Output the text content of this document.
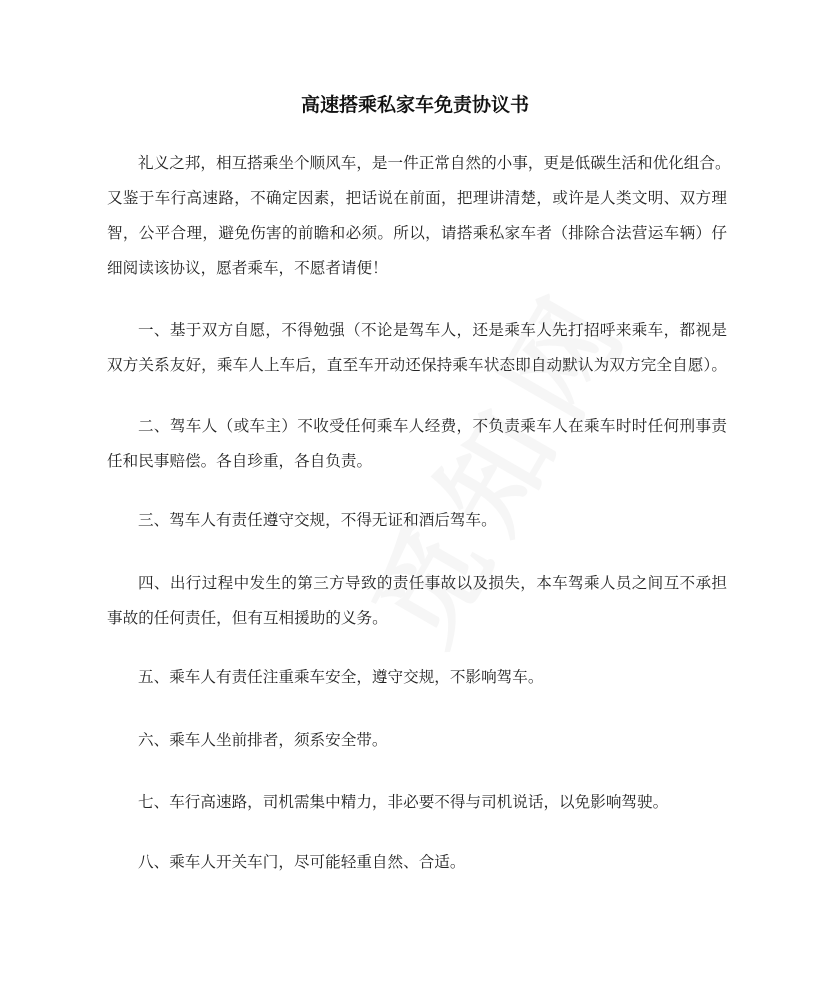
高速搭乘私家车免责协议书
礼义之邦，相互搭乘坐个顺风车，是一件正常自然的小事，更是低碳生活和优化组合。
又鉴于车行高速路，不确定因素，把话说在前面，把理讲清楚，或许是人类文明、双方理
智，公平合理，避免伤害的前瞻和必须。所以，请搭乘私家车者（排除合法营运车辆）仔
细阅读该协议，愿者乘车，不愿者请便！
一、基于双方自愿，不得勉强（不论是驾车人，还是乘车人先打招呼来乘车，都视是
双方关系友好，乘车人上车后，直至车开动还保持乘车状态即自动默认为双方完全自愿）。
二、驾车人（或车主）不收受任何乘车人经费，不负责乘车人在乘车时时任何刑事责
任和民事赔偿。各自珍重，各自负责。
三、驾车人有责任遵守交规，不得无证和酒后驾车。
四、出行过程中发生的第三方导致的责任事故以及损失，本车驾乘人员之间互不承担
事故的任何责任，但有互相援助的义务。
五、乘车人有责任注重乘车安全，遵守交规，不影响驾车。
六、乘车人坐前排者，须系安全带。
七、车行高速路，司机需集中精力，非必要不得与司机说话，以免影响驾驶。
八、乘车人开关车门，尽可能轻重自然、合适。
